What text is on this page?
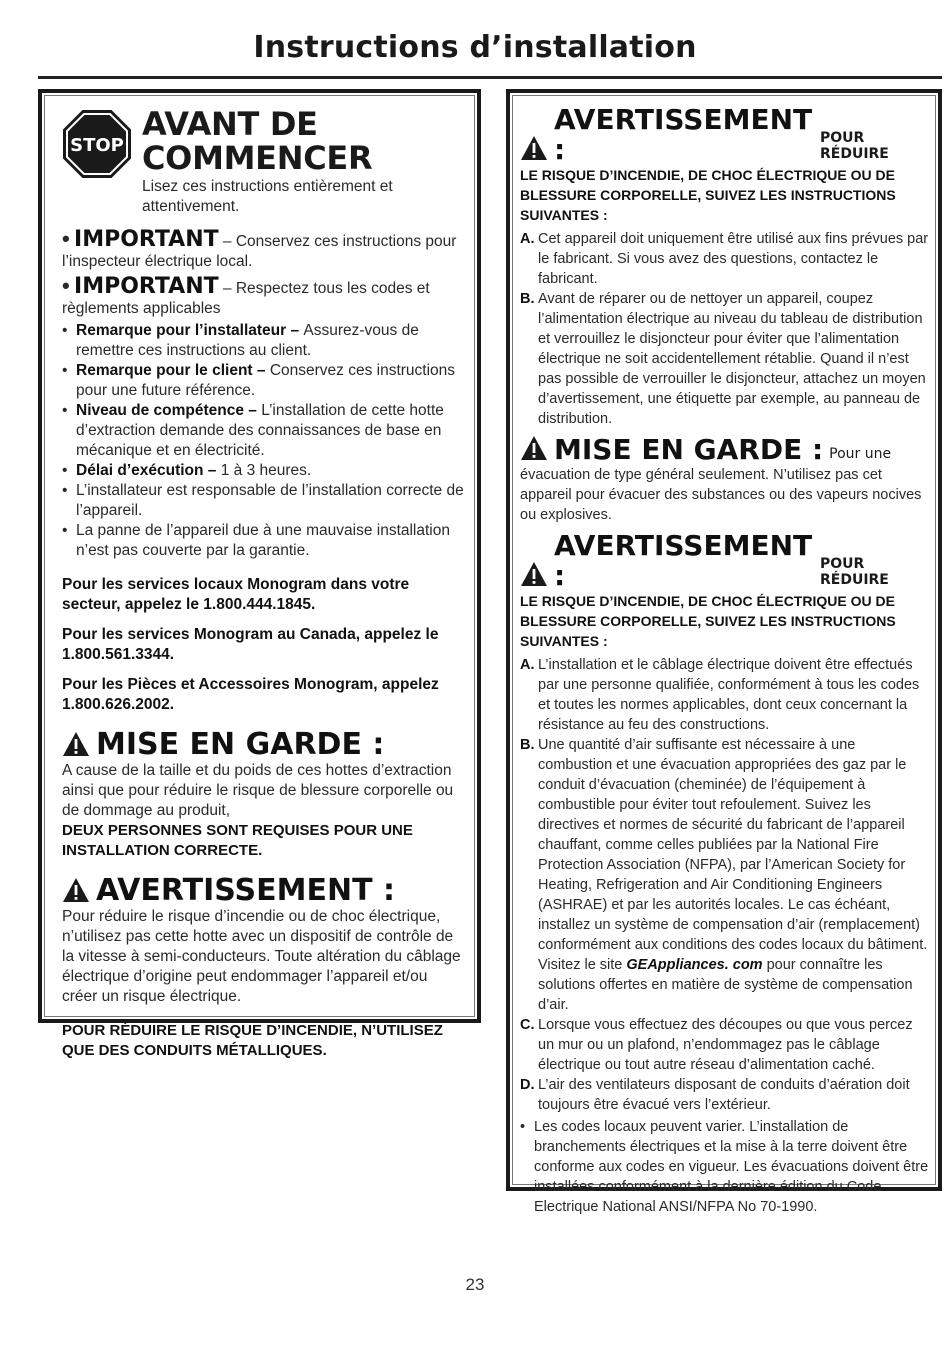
Instructions d’installation
STOP
AVANT DE COMMENCER
Lisez ces instructions entièrement et attentivement.
• IMPORTANT – Conservez ces instructions pour l’inspecteur électrique local.
• IMPORTANT – Respectez tous les codes et règlements applicables
• Remarque pour l’installateur – Assurez-vous de remettre ces instructions au client.
• Remarque pour le client – Conservez ces instructions pour une future référence.
• Niveau de compétence – L’installation de cette hotte d’extraction demande des connaissances de base en mécanique et en électricité.
• Délai d’exécution – 1 à 3 heures.
• L’installateur est responsable de l’installation correcte de l’appareil.
• La panne de l’appareil due à une mauvaise installation n’est pas couverte par la garantie.

Pour les services locaux Monogram dans votre secteur, appelez le 1.800.444.1845.

Pour les services Monogram au Canada, appelez le 1.800.561.3344.

Pour les Pièces et Accessoires Monogram, appelez 1.800.626.2002.

MISE EN GARDE :
A cause de la taille et du poids de ces hottes d’extraction ainsi que pour réduire le risque de blessure corporelle ou de dommage au produit,
DEUX PERSONNES SONT REQUISES POUR UNE INSTALLATION CORRECTE.
AVERTISSEMENT :
Pour réduire le risque d’incendie ou de choc électrique, n’utilisez pas cette hotte avec un dispositif de contrôle de la vitesse à semi-conducteurs. Toute altération du câblage électrique d’origine peut endommager l’appareil et/ou créer un risque électrique.
POUR RÉDUIRE LE RISQUE D’INCENDIE, N’UTILISEZ QUE DES CONDUITS MÉTALLIQUES.
AVERTISSEMENT :	POUR RÉDUIRE
LE RISQUE D’INCENDIE, DE CHOC ÉLECTRIQUE OU DE BLESSURE CORPORELLE, SUIVEZ LES INSTRUCTIONS SUIVANTES :
A. Cet appareil doit uniquement être utilisé aux fins prévues par le fabricant. Si vous avez des questions, contactez le fabricant.
B. Avant de réparer ou de nettoyer un appareil, coupez l’alimentation électrique au niveau du tableau de distribution et verrouillez le disjoncteur pour éviter que l’alimentation électrique ne soit accidentellement rétablie. Quand il n’est pas possible de verrouiller le disjoncteur, attachez un moyen d’avertissement, une étiquette par exemple, au panneau de distribution.
MISE EN GARDE : Pour une
évacuation de type général seulement. N’utilisez pas cet appareil pour évacuer des substances ou des vapeurs nocives ou explosives.
AVERTISSEMENT :	POUR RÉDUIRE
LE RISQUE D’INCENDIE, DE CHOC ÉLECTRIQUE OU DE BLESSURE CORPORELLE, SUIVEZ LES INSTRUCTIONS SUIVANTES :
A. L’installation et le câblage électrique doivent être effectués par une personne qualifiée, conformément à tous les codes et toutes les normes applicables, dont ceux concernant la résistance au feu des constructions.
B. Une quantité d’air suffisante est nécessaire à une combustion et une évacuation appropriées des gaz par le conduit d’évacuation (cheminée) de l’équipement à combustible pour éviter tout refoulement. Suivez les directives et normes de sécurité du fabricant de l’appareil chauffant, comme celles publiées par la National Fire Protection Association (NFPA), par l’American Society for Heating, Refrigeration and Air Conditioning Engineers (ASHRAE) et par les autorités locales. Le cas échéant, installez un système de compensation d’air (remplacement) conformément aux conditions des codes locaux du bâtiment. Visitez le site GEAppliances. com pour connaître les solutions offertes en matière de système de compensation d’air.
C. Lorsque vous effectuez des découpes ou que vous percez un mur ou un plafond, n’endommagez pas le câblage électrique ou tout autre réseau d’alimentation caché.
D. L’air des ventilateurs disposant de conduits d’aération doit toujours être évacué vers l’extérieur.
• Les codes locaux peuvent varier. L’installation de branchements électriques et la mise à la terre doivent être conforme aux codes en vigueur. Les évacuations doivent être installées conformément à la dernière édition du Code Electrique National ANSI/NFPA No 70-1990.
23
